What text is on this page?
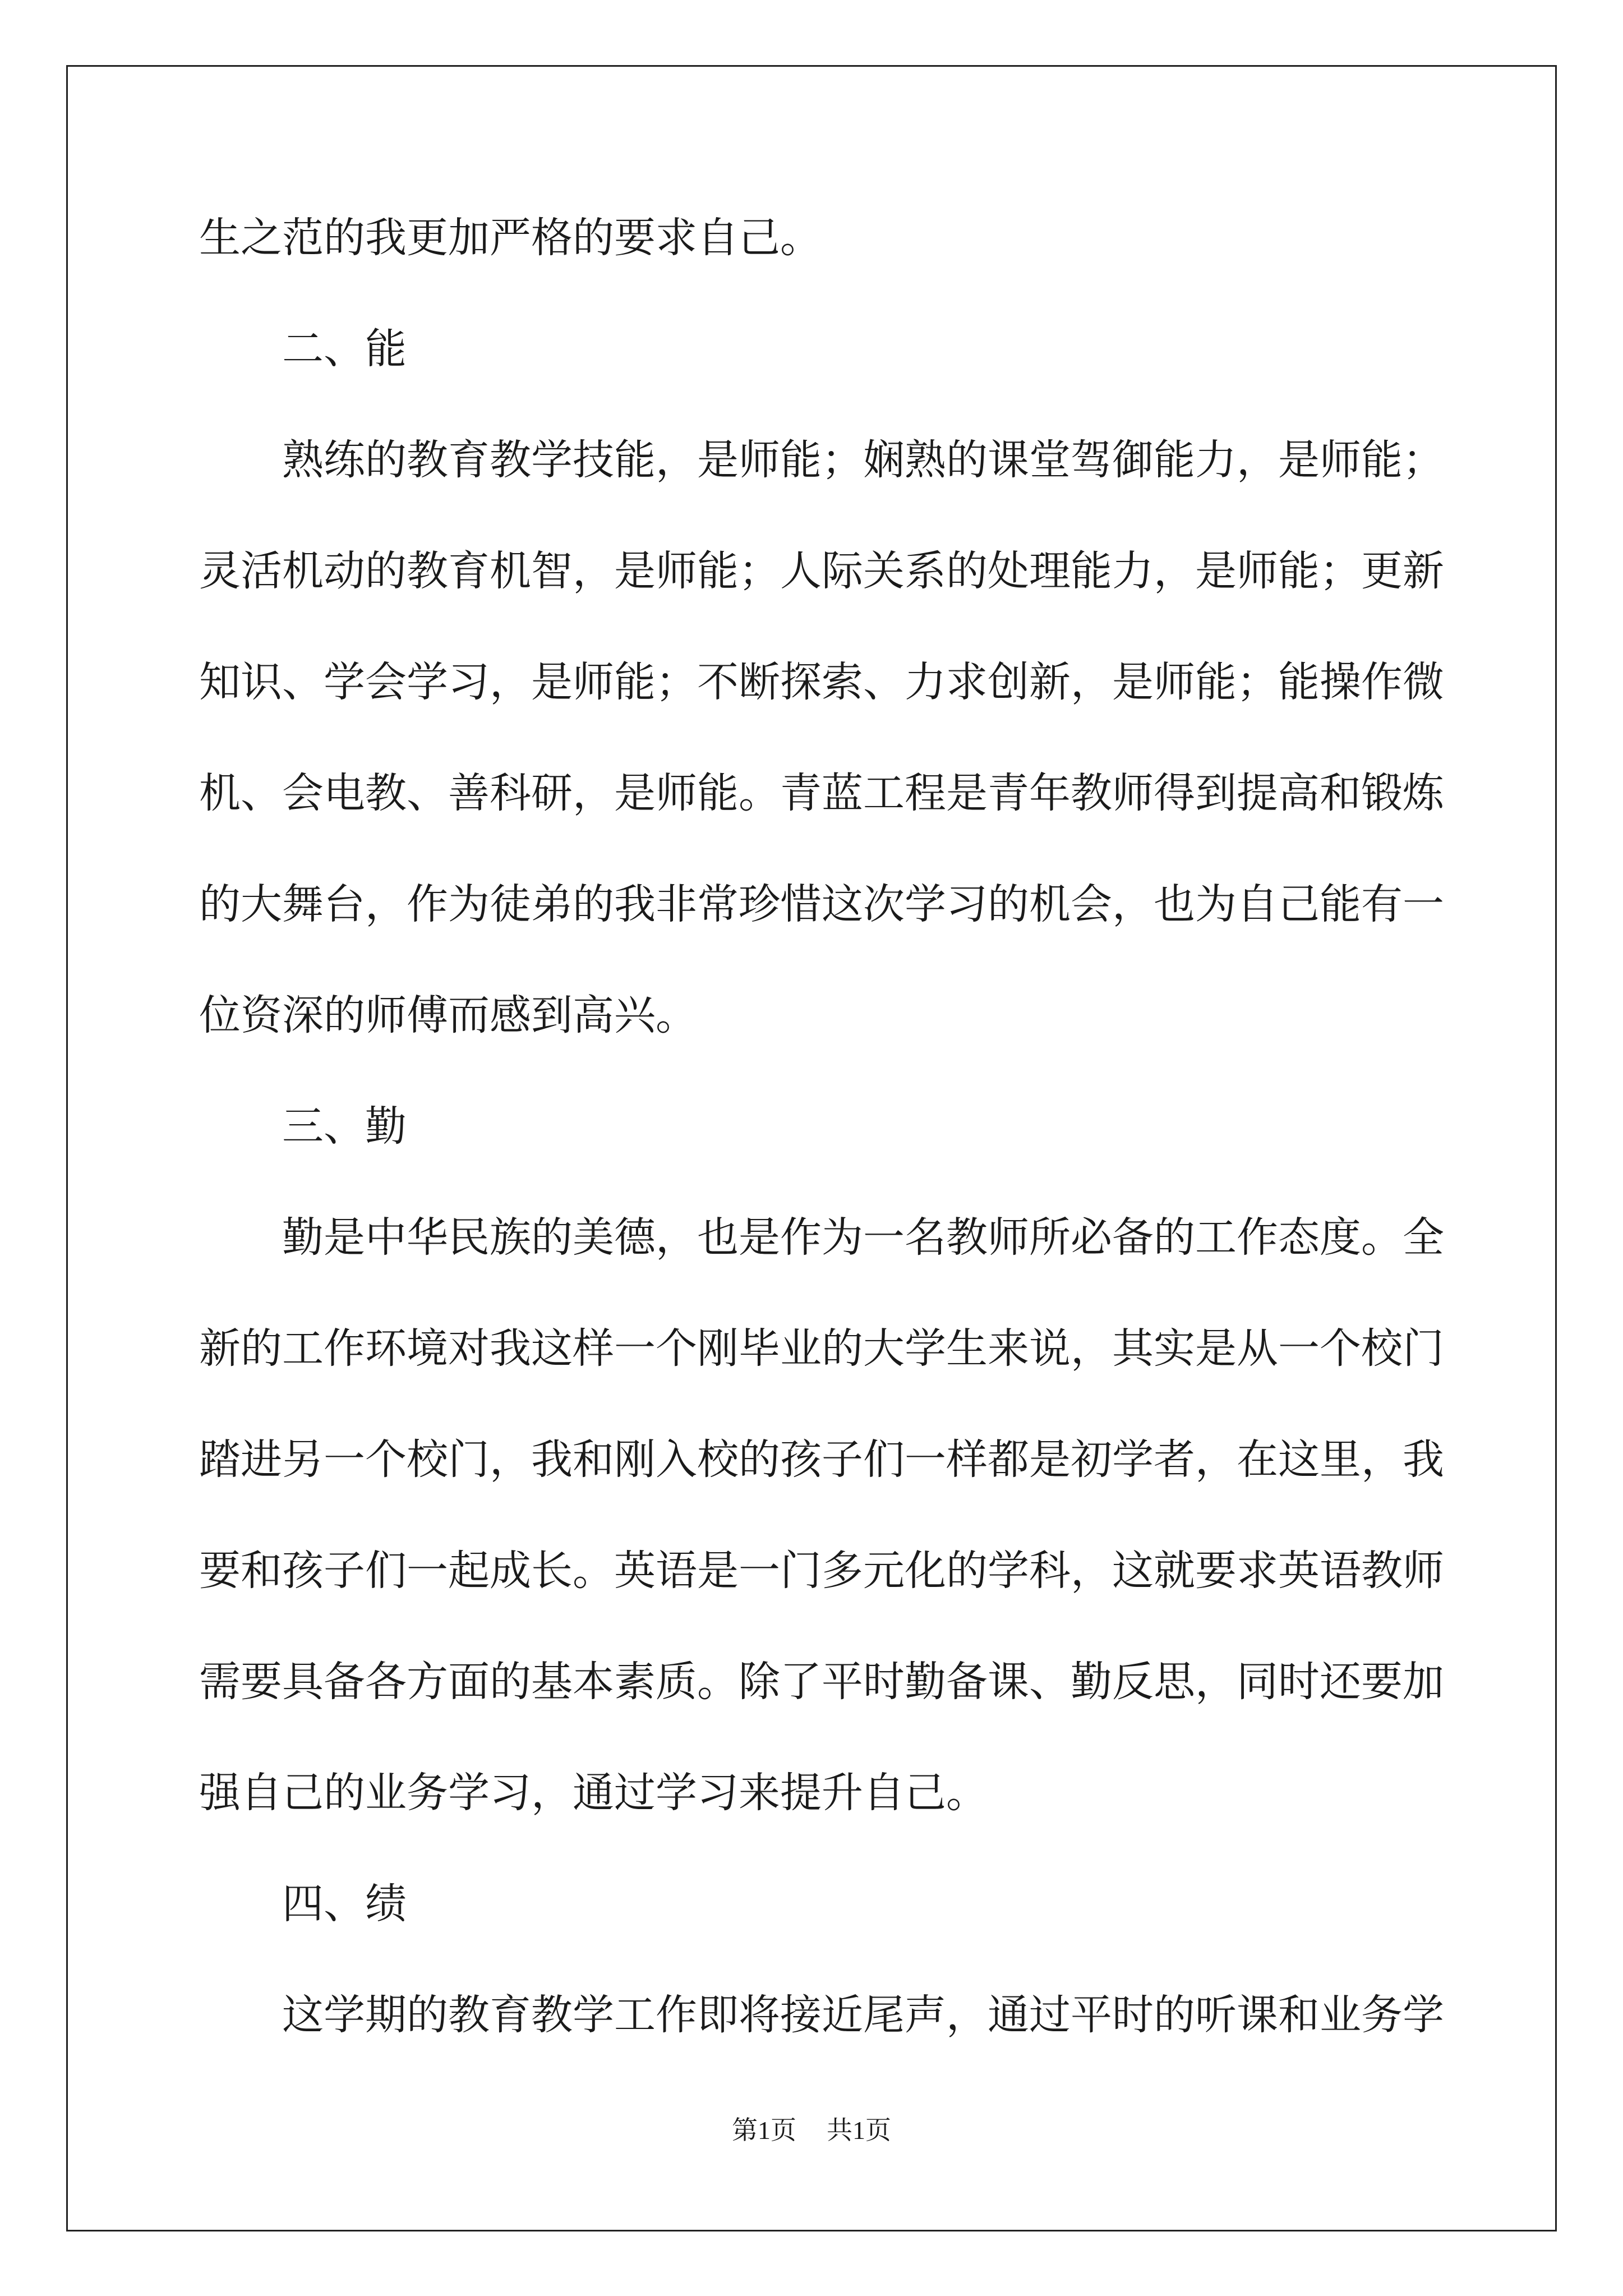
生之范的我更加严格的要求自己。
二、能
熟练的教育教学技能，是师能；娴熟的课堂驾御能力，是师能；
灵活机动的教育机智，是师能；人际关系的处理能力，是师能；更新
知识、学会学习，是师能；不断探索、力求创新，是师能；能操作微
机、会电教、善科研，是师能。青蓝工程是青年教师得到提高和锻炼
的大舞台，作为徒弟的我非常珍惜这次学习的机会，也为自己能有一
位资深的师傅而感到高兴。
三、勤
勤是中华民族的美德，也是作为一名教师所必备的工作态度。全
新的工作环境对我这样一个刚毕业的大学生来说，其实是从一个校门
踏进另一个校门，我和刚入校的孩子们一样都是初学者，在这里，我
要和孩子们一起成长。英语是一门多元化的学科，这就要求英语教师
需要具备各方面的基本素质。除了平时勤备课、勤反思，同时还要加
强自己的业务学习，通过学习来提升自己。
四、绩
这学期的教育教学工作即将接近尾声，通过平时的听课和业务学
第1页 共1页
